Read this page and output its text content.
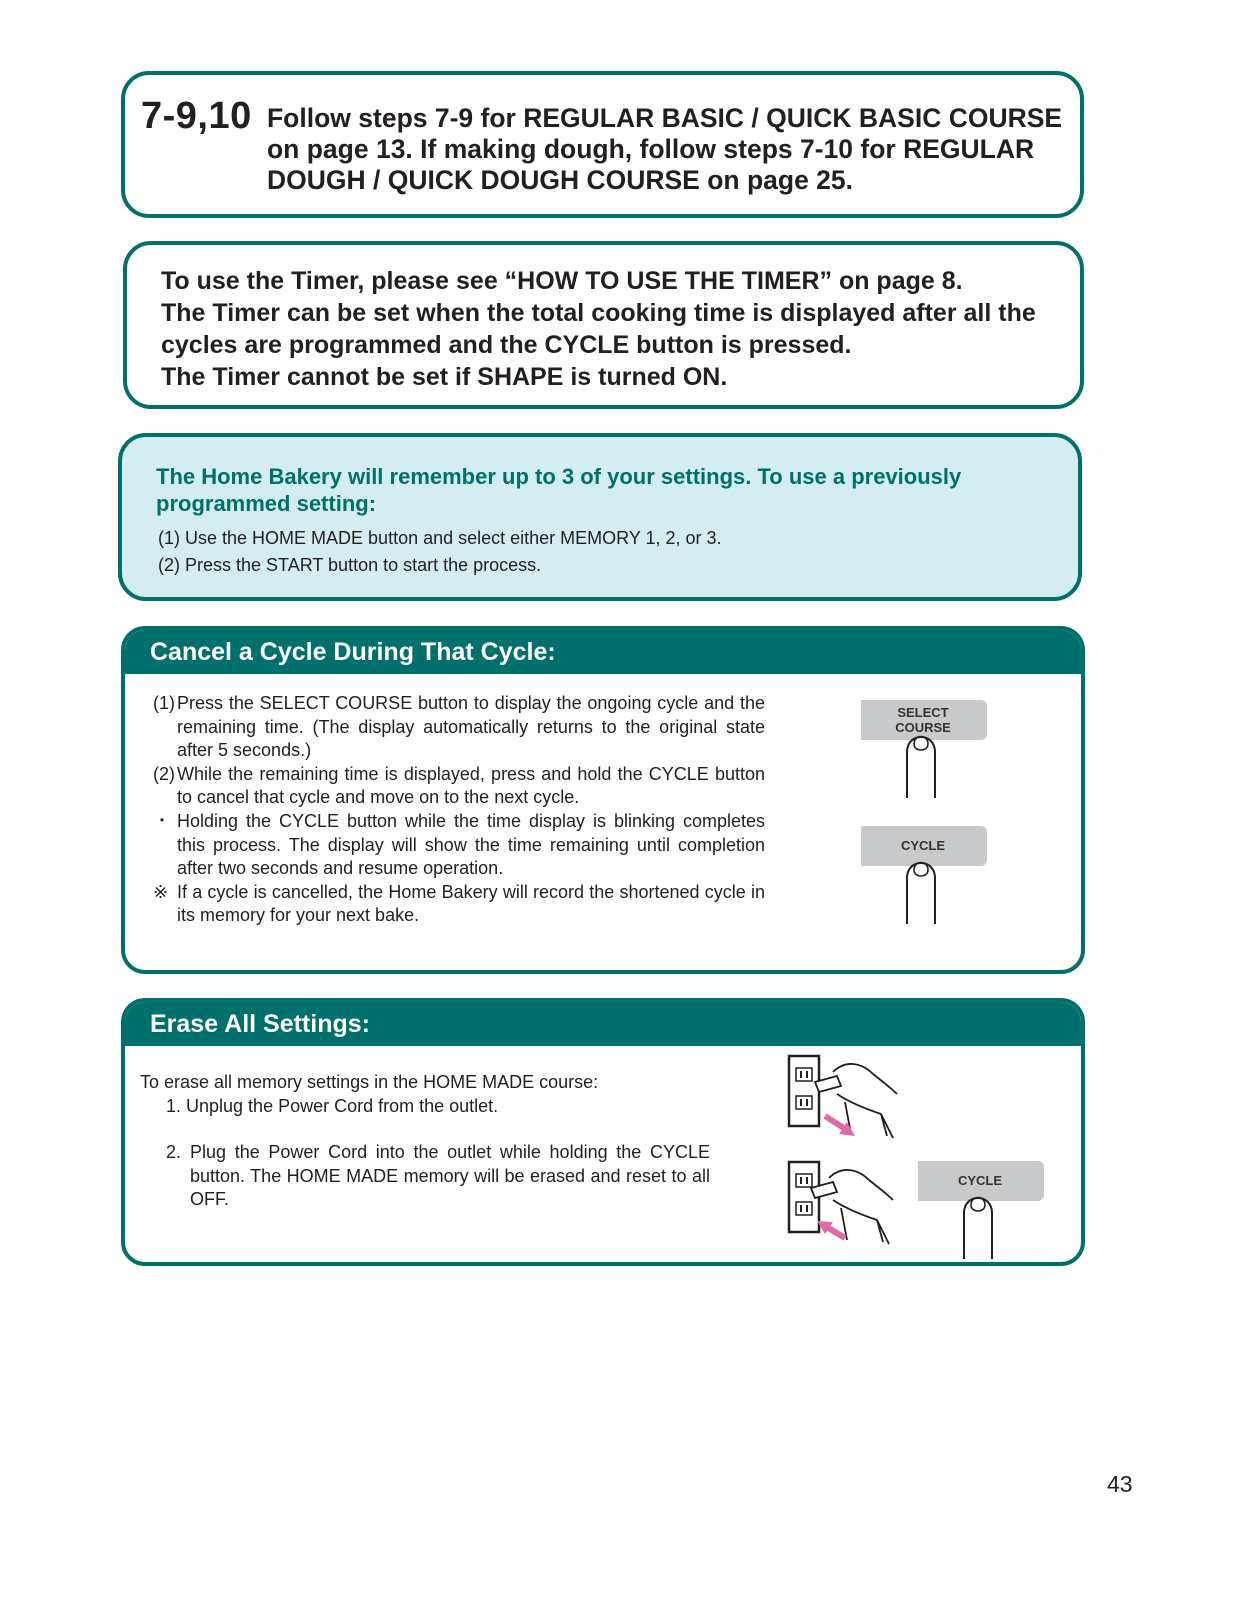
7-9,10 Follow steps 7-9 for REGULAR BASIC / QUICK BASIC COURSE on page 13. If making dough, follow steps 7-10 for REGULAR DOUGH / QUICK DOUGH COURSE on page 25.
To use the Timer, please see “HOW TO USE THE TIMER” on page 8.
The Timer can be set when the total cooking time is displayed after all the
cycles are programmed and the CYCLE button is pressed.
The Timer cannot be set if SHAPE is turned ON.
The Home Bakery will remember up to 3 of your settings. To use a previously programmed setting:
(1) Use the HOME MADE button and select either MEMORY 1, 2, or 3.
(2) Press the START button to start the process.
Cancel a Cycle During That Cycle:
(1) Press the SELECT COURSE button to display the ongoing cycle and the remaining time. (The display automatically returns to the original state after 5 seconds.)
(2) While the remaining time is displayed, press and hold the CYCLE button to cancel that cycle and move on to the next cycle.
・ Holding the CYCLE button while the time display is blinking completes this process. The display will show the time remaining until completion after two seconds and resume operation.
※ If a cycle is cancelled, the Home Bakery will record the shortened cycle in its memory for your next bake.
SELECT
COURSE
CYCLE
Erase All Settings:
To erase all memory settings in the HOME MADE course:
1. Unplug the Power Cord from the outlet.
2. Plug the Power Cord into the outlet while holding the CYCLE button. The HOME MADE memory will be erased and reset to all OFF.
CYCLE
43
